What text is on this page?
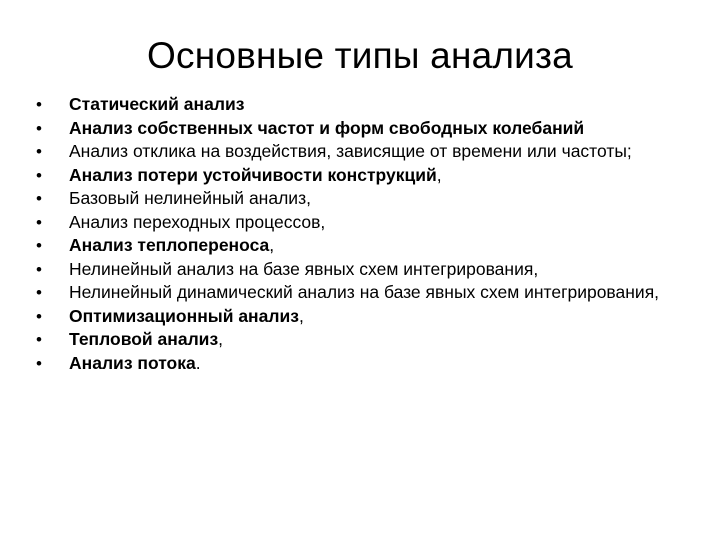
Основные типы анализа
•	Статический анализ
•	Анализ собственных частот и форм свободных колебаний
•	Анализ отклика на воздействия, зависящие от времени или частоты;
•	Анализ потери устойчивости конструкций,
•	Базовый нелинейный анализ,
•	Анализ переходных процессов,
•	Анализ теплопереноса,
•	Нелинейный анализ на базе явных схем интегрирования,
•	Нелинейный динамический анализ на базе явных схем интегрирования,
•	Оптимизационный анализ,
•	Тепловой анализ,
•	Анализ потока.
